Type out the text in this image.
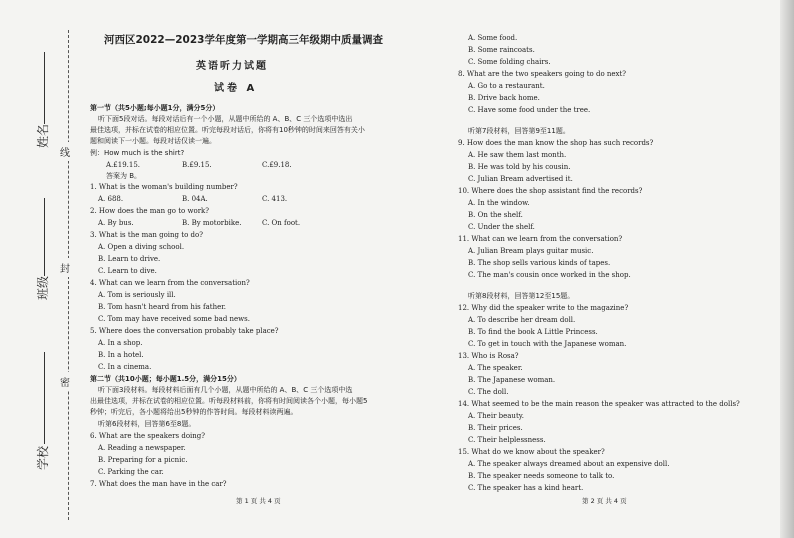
姓名
班级
学校
线
封
密
河西区2022—2023学年度第一学期高三年级期中质量调查
英语听力试题
试卷 A
第一节（共5小题;每小题1分，满分5分）
听下面5段对话。每段对话后有一个小题，从题中所给的 A、B、C 三个选项中选出
最佳选项，并标在试卷的相应位置。听完每段对话后，你将有10秒钟的时间来回答有关小
题和阅读下一小题。每段对话仅读一遍。
例：How much is the shirt?
A.£19.15.	B.£9.15.	C.£9.18.
答案为 B。
1. What is the woman's building number?
A. 688.	B. 04A.	C. 413.
2. How does the man go to work?
A. By bus.	B. By motorbike.	C. On foot.
3. What is the man going to do?
A. Open a diving school.
B. Learn to drive.
C. Learn to dive.
4. What can we learn from the conversation?
A. Tom is seriously ill.
B. Tom hasn't heard from his father.
C. Tom may have received some bad news.
5. Where does the conversation probably take place?
A. In a shop.
B. In a hotel.
C. In a cinema.
第二节（共10小题；每小题1.5分，满分15分）
听下面3段材料。每段材料后面有几个小题，从题中所给的 A、B、C 三个选项中选
出最佳选项，并标在试卷的相应位置。听每段材料前，你将有时间阅读各个小题，每小题5
秒钟；听完后，各小题将给出5秒钟的作答时间。每段材料读两遍。
听第6段材料，回答第6至8题。
6. What are the speakers doing?
A. Reading a newspaper.
B. Preparing for a picnic.
C. Parking the car.
7. What does the man have in the car?
第 1 页 共 4 页
A. Some food.
B. Some raincoats.
C. Some folding chairs.
8. What are the two speakers going to do next?
A. Go to a restaurant.
B. Drive back home.
C. Have some food under the tree.
听第7段材料，回答第9至11题。
9. How does the man know the shop has such records?
A. He saw them last month.
B. He was told by his cousin.
C. Julian Bream advertised it.
10. Where does the shop assistant find the records?
A. In the window.
B. On the shelf.
C. Under the shelf.
11. What can we learn from the conversation?
A. Julian Bream plays guitar music.
B. The shop sells various kinds of tapes.
C. The man's cousin once worked in the shop.
听第8段材料，回答第12至15题。
12. Why did the speaker write to the magazine?
A. To describe her dream doll.
B. To find the book A Little Princess.
C. To get in touch with the Japanese woman.
13. Who is Rosa?
A. The speaker.
B. The Japanese woman.
C. The doll.
14. What seemed to be the main reason the speaker was attracted to the dolls?
A. Their beauty.
B. Their prices.
C. Their helplessness.
15. What do we know about the speaker?
A. The speaker always dreamed about an expensive doll.
B. The speaker needs someone to talk to.
C. The speaker has a kind heart.
第 2 页 共 4 页
